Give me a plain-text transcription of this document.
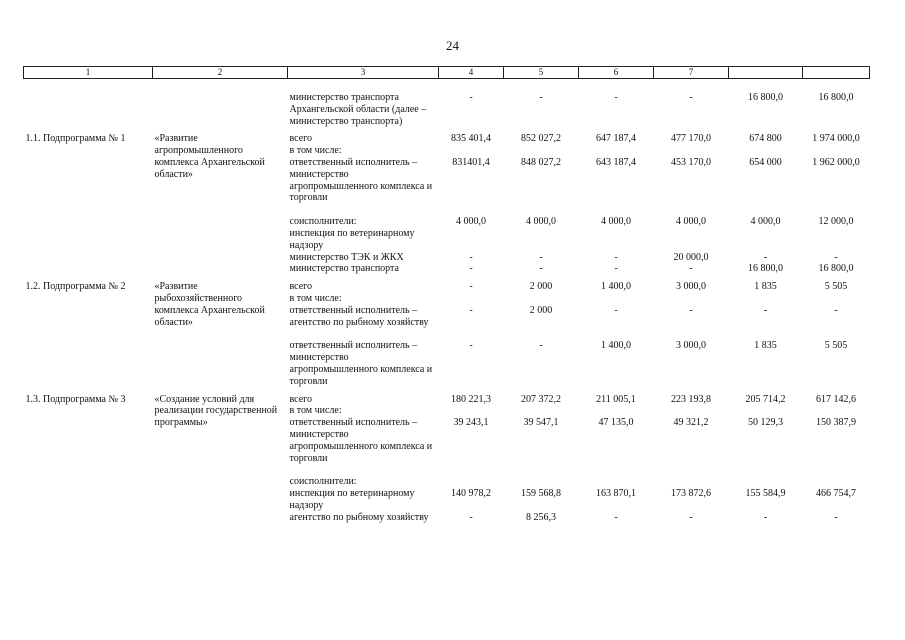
24
1	2	3	4	5	6	7		
		министерство транспорта Архангельской области (далее – министерство транспорта)	-	-	-	-	16 800,0	16 800,0

1.1. Подпрограмма № 1	«Развитие агропромышленного комплекса Архангельской области»	всего	835 401,4	852 027,2	647 187,4	477 170,0	674 800	1 974 000,0
		в том числе:						
		ответственный исполнитель – министерство агропромышленного комплекса и торговли	831401,4	848 027,2	643 187,4	453 170,0	654 000	1 962 000,0
		соисполнители:	4 000,0	4 000,0	4 000,0	4 000,0	4 000,0	12 000,0
		инспекция по ветеринарному надзору						
		министерство ТЭК и ЖКХ	-	-	-	20 000,0	-	-
		министерство транспорта	-	-	-	-	16 800,0	16 800,0

1.2. Подпрограмма № 2	«Развитие рыбохозяйственного комплекса Архангельской области»	всего	-	2 000	1 400,0	3 000,0	1 835	5 505
		в том числе:						
		ответственный исполнитель – агентство по рыбному хозяйству	-	2 000	-	-	-	-
		ответственный исполнитель – министерство агропромышленного комплекса и торговли	-	-	1 400,0	3 000,0	1 835	5 505

1.3. Подпрограмма № 3	«Создание условий для реализации государственной программы»	всего	180 221,3	207 372,2	211 005,1	223 193,8	205 714,2	617 142,6
		в том числе:						
		ответственный исполнитель – министерство агропромышленного комплекса и торговли	39 243,1	39 547,1	47 135,0	49 321,2	50 129,3	150 387,9
		соисполнители:						
		инспекция по ветеринарному надзору	140 978,2	159 568,8	163 870,1	173 872,6	155 584,9	466 754,7
		агентство по рыбному хозяйству	-	8 256,3	-	-	-	-
